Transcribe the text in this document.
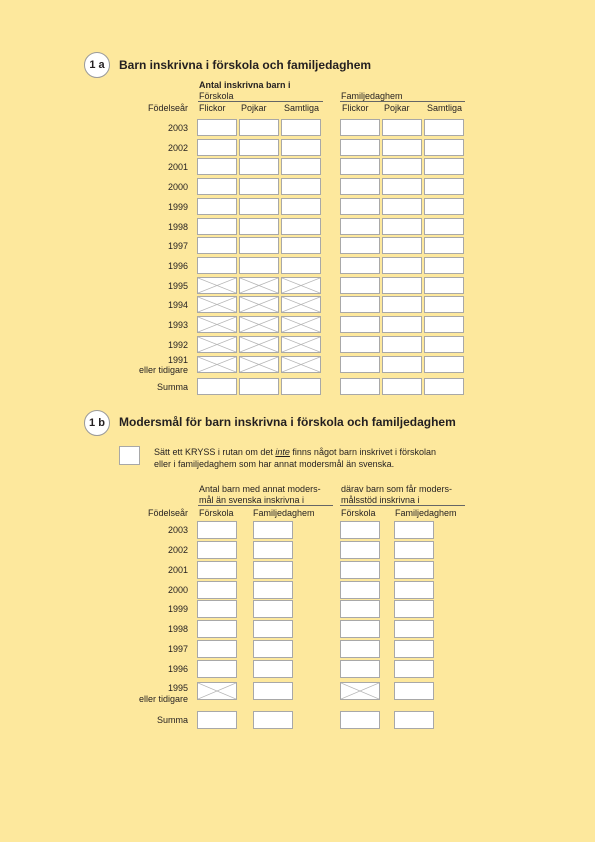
1 a	Barn inskrivna i förskola och familjedaghem
Antal inskrivna barn i
Förskola	Familjedaghem
Födelseår Flickor Pojkar Samtliga	Flickor Pojkar Samtliga
2003
2002
2001
2000
1999
1998
1997
1996
1995
1994
1993
1992
1991
eller tidigare
Summa
1 b	Modersmål för barn inskrivna i förskola och familjedaghem
Sätt ett KRYSS i rutan om det inte finns något barn inskrivet i förskolan
eller i familjedaghem som har annat modersmål än svenska.
Antal barn med annat moders-
mål än svenska inskrivna i
därav barn som får moders-
målsstöd inskrivna i
Födelseår Förskola Familjedaghem	Förskola Familjedaghem
2003
2002
2001
2000
1999
1998
1997
1996
1995
eller tidigare
Summa
